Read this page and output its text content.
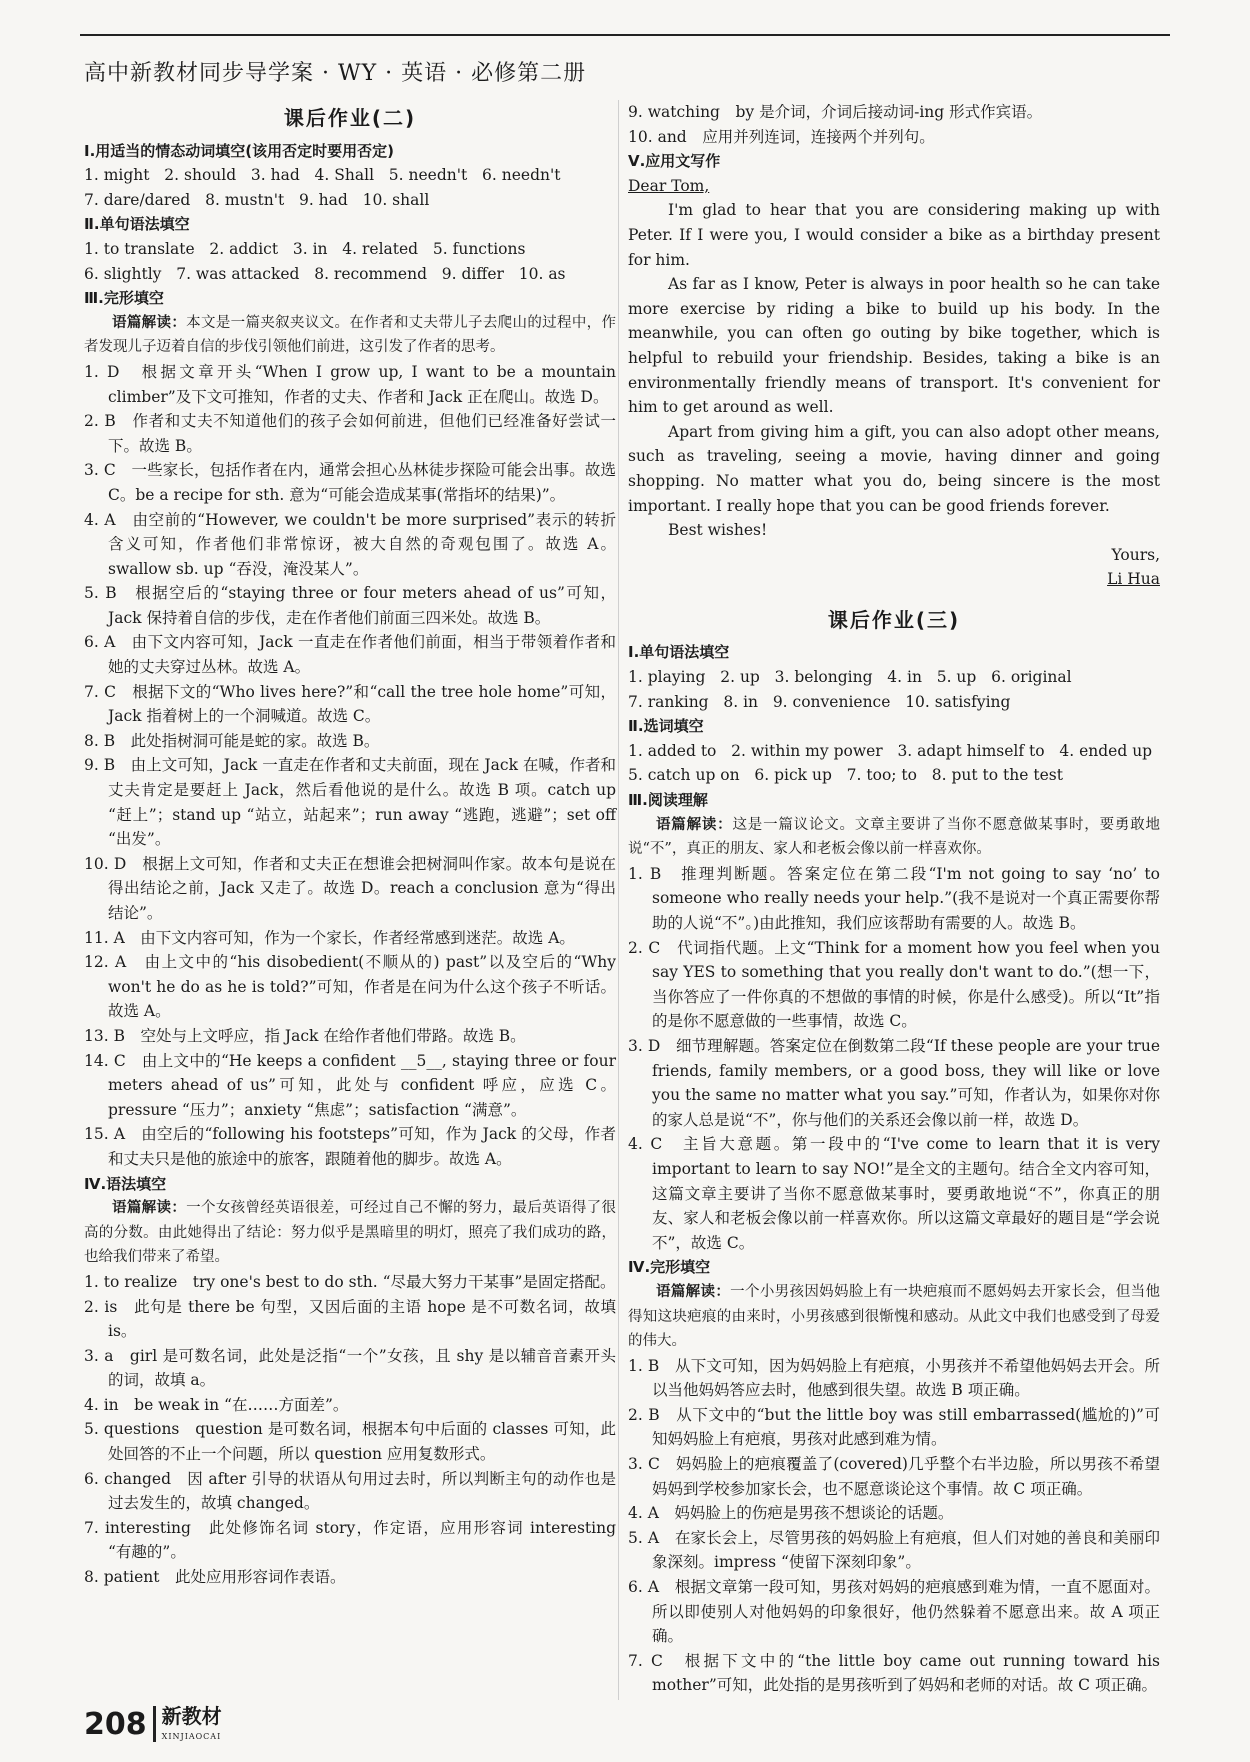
高中新教材同步导学案 · WY · 英语 · 必修第二册
课后作业(二)
Ⅰ.用适当的情态动词填空(该用否定时要用否定)
1. might   2. should   3. had   4. Shall   5. needn't   6. needn't
7. dare/dared   8. mustn't   9. had   10. shall
Ⅱ.单句语法填空
1. to translate   2. addict   3. in   4. related   5. functions
6. slightly   7. was attacked   8. recommend   9. differ   10. as
Ⅲ.完形填空
语篇解读：本文是一篇夹叙夹议文。在作者和丈夫带儿子去爬山的过程中，作者发现儿子迈着自信的步伐引领他们前进，这引发了作者的思考。
1. D　根据文章开头“When I grow up, I want to be a mountain climber”及下文可推知，作者的丈夫、作者和 Jack 正在爬山。故选 D。
2. B　作者和丈夫不知道他们的孩子会如何前进，但他们已经准备好尝试一下。故选 B。
3. C　一些家长，包括作者在内，通常会担心丛林徒步探险可能会出事。故选 C。be a recipe for sth. 意为“可能会造成某事(常指坏的结果)”。
4. A　由空前的“However, we couldn't be more surprised”表示的转折含义可知，作者他们非常惊讶，被大自然的奇观包围了。故选 A。swallow sb. up “吞没，淹没某人”。
5. B　根据空后的“staying three or four meters ahead of us”可知，Jack 保持着自信的步伐，走在作者他们前面三四米处。故选 B。
6. A　由下文内容可知，Jack 一直走在作者他们前面，相当于带领着作者和她的丈夫穿过丛林。故选 A。
7. C　根据下文的“Who lives here?”和“call the tree hole home”可知，Jack 指着树上的一个洞喊道。故选 C。
8. B　此处指树洞可能是蛇的家。故选 B。
9. B　由上文可知，Jack 一直走在作者和丈夫前面，现在 Jack 在喊，作者和丈夫肯定是要赶上 Jack，然后看他说的是什么。故选 B 项。catch up “赶上”；stand up “站立，站起来”；run away “逃跑，逃避”；set off “出发”。
10. D　根据上文可知，作者和丈夫正在想谁会把树洞叫作家。故本句是说在得出结论之前，Jack 又走了。故选 D。reach a conclusion 意为“得出结论”。
11. A　由下文内容可知，作为一个家长，作者经常感到迷茫。故选 A。
12. A　由上文中的“his disobedient(不顺从的) past”以及空后的“Why won't he do as he is told?”可知，作者是在问为什么这个孩子不听话。故选 A。
13. B　空处与上文呼应，指 Jack 在给作者他们带路。故选 B。
14. C　由上文中的“He keeps a confident __5__, staying three or four meters ahead of us”可知，此处与 confident 呼应，应选 C。pressure “压力”；anxiety “焦虑”；satisfaction “满意”。
15. A　由空后的“following his footsteps”可知，作为 Jack 的父母，作者和丈夫只是他的旅途中的旅客，跟随着他的脚步。故选 A。
Ⅳ.语法填空
语篇解读：一个女孩曾经英语很差，可经过自己不懈的努力，最后英语得了很高的分数。由此她得出了结论：努力似乎是黑暗里的明灯，照亮了我们成功的路，也给我们带来了希望。
1. to realize　try one's best to do sth. “尽最大努力干某事”是固定搭配。
2. is　此句是 there be 句型，又因后面的主语 hope 是不可数名词，故填 is。
3. a　girl 是可数名词，此处是泛指“一个”女孩，且 shy 是以辅音音素开头的词，故填 a。
4. in　be weak in “在……方面差”。
5. questions　question 是可数名词，根据本句中后面的 classes 可知，此处回答的不止一个问题，所以 question 应用复数形式。
6. changed　因 after 引导的状语从句用过去时，所以判断主句的动作也是过去发生的，故填 changed。
7. interesting　此处修饰名词 story，作定语，应用形容词 interesting “有趣的”。
8. patient　此处应用形容词作表语。
9. watching　by 是介词，介词后接动词-ing 形式作宾语。
10. and　应用并列连词，连接两个并列句。
Ⅴ.应用文写作

Dear Tom,

I'm glad to hear that you are considering making up with Peter. If I were you, I would consider a bike as a birthday present for him.

As far as I know, Peter is always in poor health so he can take more exercise by riding a bike to build up his body. In the meanwhile, you can often go outing by bike together, which is helpful to rebuild your friendship. Besides, taking a bike is an environmentally friendly means of transport. It's convenient for him to get around as well.

Apart from giving him a gift, you can also adopt other means, such as traveling, seeing a movie, having dinner and going shopping. No matter what you do, being sincere is the most important. I really hope that you can be good friends forever.

Best wishes!

Yours,

Li Hua

课后作业(三)
Ⅰ.单句语法填空
1. playing   2. up   3. belonging   4. in   5. up   6. original
7. ranking   8. in   9. convenience   10. satisfying
Ⅱ.选词填空
1. added to   2. within my power   3. adapt himself to   4. ended up
5. catch up on   6. pick up   7. too; to   8. put to the test
Ⅲ.阅读理解
语篇解读：这是一篇议论文。文章主要讲了当你不愿意做某事时，要勇敢地说“不”，真正的朋友、家人和老板会像以前一样喜欢你。
1. B　推理判断题。答案定位在第二段“I'm not going to say ‘no’ to someone who really needs your help.”(我不是说对一个真正需要你帮助的人说“不”。)由此推知，我们应该帮助有需要的人。故选 B。
2. C　代词指代题。上文“Think for a moment how you feel when you say YES to something that you really don't want to do.”(想一下，当你答应了一件你真的不想做的事情的时候，你是什么感受)。所以“It”指的是你不愿意做的一些事情，故选 C。
3. D　细节理解题。答案定位在倒数第二段“If these people are your true friends, family members, or a good boss, they will like or love you the same no matter what you say.”可知，作者认为，如果你对你的家人总是说“不”，你与他们的关系还会像以前一样，故选 D。
4. C　主旨大意题。第一段中的“I've come to learn that it is very important to learn to say NO!”是全文的主题句。结合全文内容可知，这篇文章主要讲了当你不愿意做某事时，要勇敢地说“不”，你真正的朋友、家人和老板会像以前一样喜欢你。所以这篇文章最好的题目是“学会说不”，故选 C。
Ⅳ.完形填空
语篇解读：一个小男孩因妈妈脸上有一块疤痕而不愿妈妈去开家长会，但当他得知这块疤痕的由来时，小男孩感到很惭愧和感动。从此文中我们也感受到了母爱的伟大。
1. B　从下文可知，因为妈妈脸上有疤痕，小男孩并不希望他妈妈去开会。所以当他妈妈答应去时，他感到很失望。故选 B 项正确。
2. B　从下文中的“but the little boy was still embarrassed(尴尬的)”可知妈妈脸上有疤痕，男孩对此感到难为情。
3. C　妈妈脸上的疤痕覆盖了(covered)几乎整个右半边脸，所以男孩不希望妈妈到学校参加家长会，也不愿意谈论这个事情。故 C 项正确。
4. A　妈妈脸上的伤疤是男孩不想谈论的话题。
5. A　在家长会上，尽管男孩的妈妈脸上有疤痕，但人们对她的善良和美丽印象深刻。impress “使留下深刻印象”。
6. A　根据文章第一段可知，男孩对妈妈的疤痕感到难为情，一直不愿面对。所以即使别人对他妈妈的印象很好，他仍然躲着不愿意出来。故 A 项正确。
7. C　根据下文中的“the little boy came out running toward his mother”可知，此处指的是男孩听到了妈妈和老师的对话。故 C 项正确。
208 新教材
XINJIAOCAI
